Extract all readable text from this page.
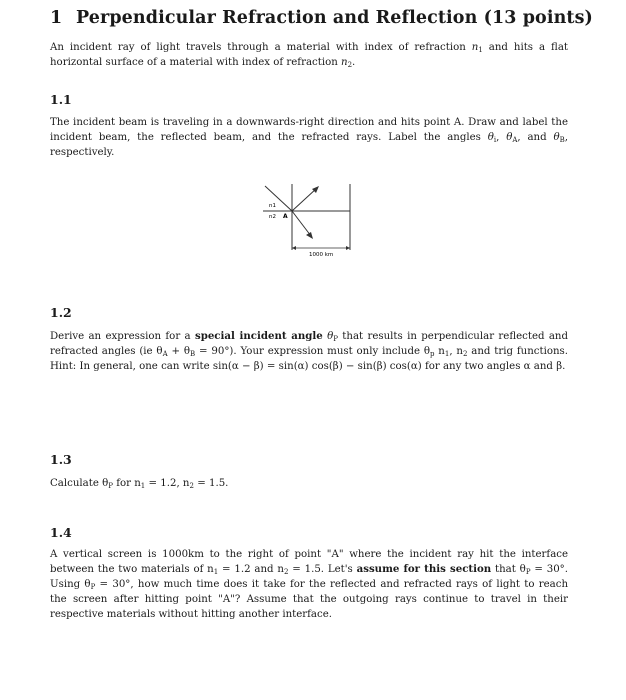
1 Perpendicular Refraction and Reflection (13 points)
An incident ray of light travels through a material with index of refraction $n_1$ and hits a flat horizontal surface of a material with index of refraction $n_2$.
1.1
The incident beam is traveling in a downwards-right direction and hits point A. Draw and label the incident beam, the reflected beam, and the refracted rays. Label the angles $\theta_i$, $\theta_A$, and $\theta_B$, respectively.
n1
n2 A
1000 km
1.2
Derive an expression for a special incident angle $\theta_P$ that results in perpendicular reflected and refracted angles (ie $\theta_A + \theta_B = 90^\circ$). Your expression must only include $\theta_p$ $n_1$, $n_2$ and trig functions. Hint: In general, one can write sin(α − β) = sin(α) cos(β) − sin(β) cos(α) for any two angles α and β.
1.3
Calculate $\theta_P$ for $n_1 = 1.2$, $n_2 = 1.5$.
1.4
A vertical screen is 1000km to the right of point "A" where the incident ray hit the interface between the two materials of $n_1 = 1.2$ and $n_2 = 1.5$. Let's assume for this section that $\theta_P = 30^\circ$. Using $\theta_P = 30^\circ$, how much time does it take for the reflected and refracted rays of light to reach the screen after hitting point "A"? Assume that the outgoing rays continue to travel in their respective materials without hitting another interface.
